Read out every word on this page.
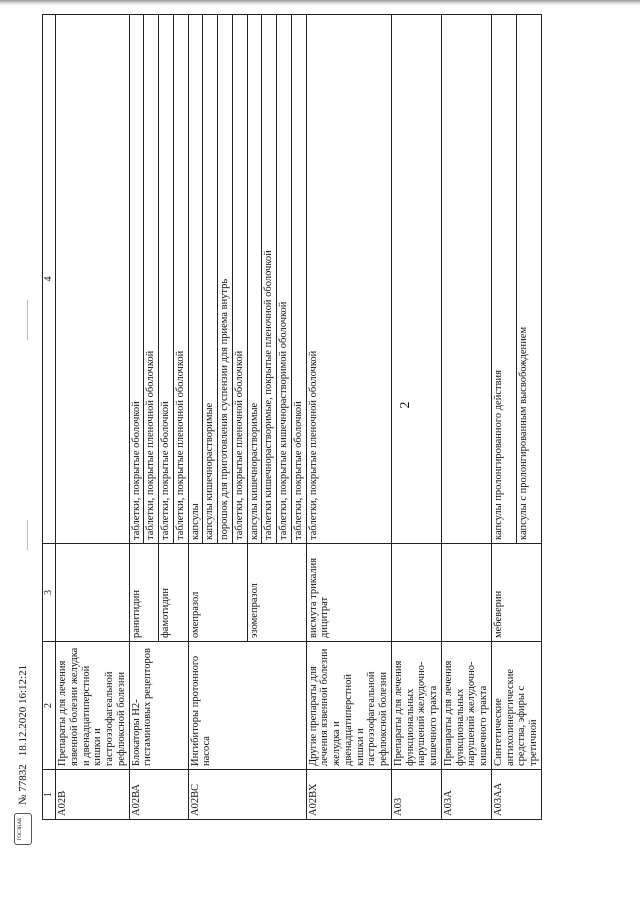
2
ГОСЗНАК
№ 77832
18.12.2020 16:12:21
1	2	3	4
А02В	Препараты для лечения язвенной болезни желудка и двенадцатиперстной кишки и гастроэзофагеальной рефлюксной болезни		
А02ВА	Блокаторы Н2-гистаминовых рецепторов	ранитидин	таблетки, покрытые оболочкой
			таблетки, покрытые пленочной оболочкой
		фамотидин	таблетки, покрытые оболочкой
			таблетки, покрытые пленочной оболочкой
А02ВС	Ингибиторы протонного насоса	омепразол	капсулы
			капсулы кишечнорастворимые
			порошок для приготовления суспензии для приема внутрь
			таблетки, покрытые пленочной оболочкой
		эзомепразол	капсулы кишечнорастворимые
			таблетки кишечнорастворимые, покрытые пленочной оболочкой
			таблетки, покрытые кишечнорастворимой оболочкой
			таблетки, покрытые оболочкой
А02ВХ	Другие препараты для лечения язвенной болезни желудка и двенадцатиперстной кишки и гастроэзофагеальной рефлюксной болезни	висмута трикалия дицитрат	таблетки, покрытые пленочной оболочкой
А03	Препараты для лечения функциональных нарушений желудочно-кишечного тракта		
А03А	Препараты для лечения функциональных нарушений желудочно-кишечного тракта		
А03АА	Синтетические антихолинергические средства, эфиры с третичной	мебеверин	капсулы пролонгированного действия
			капсулы с пролонгированным высвобождением
